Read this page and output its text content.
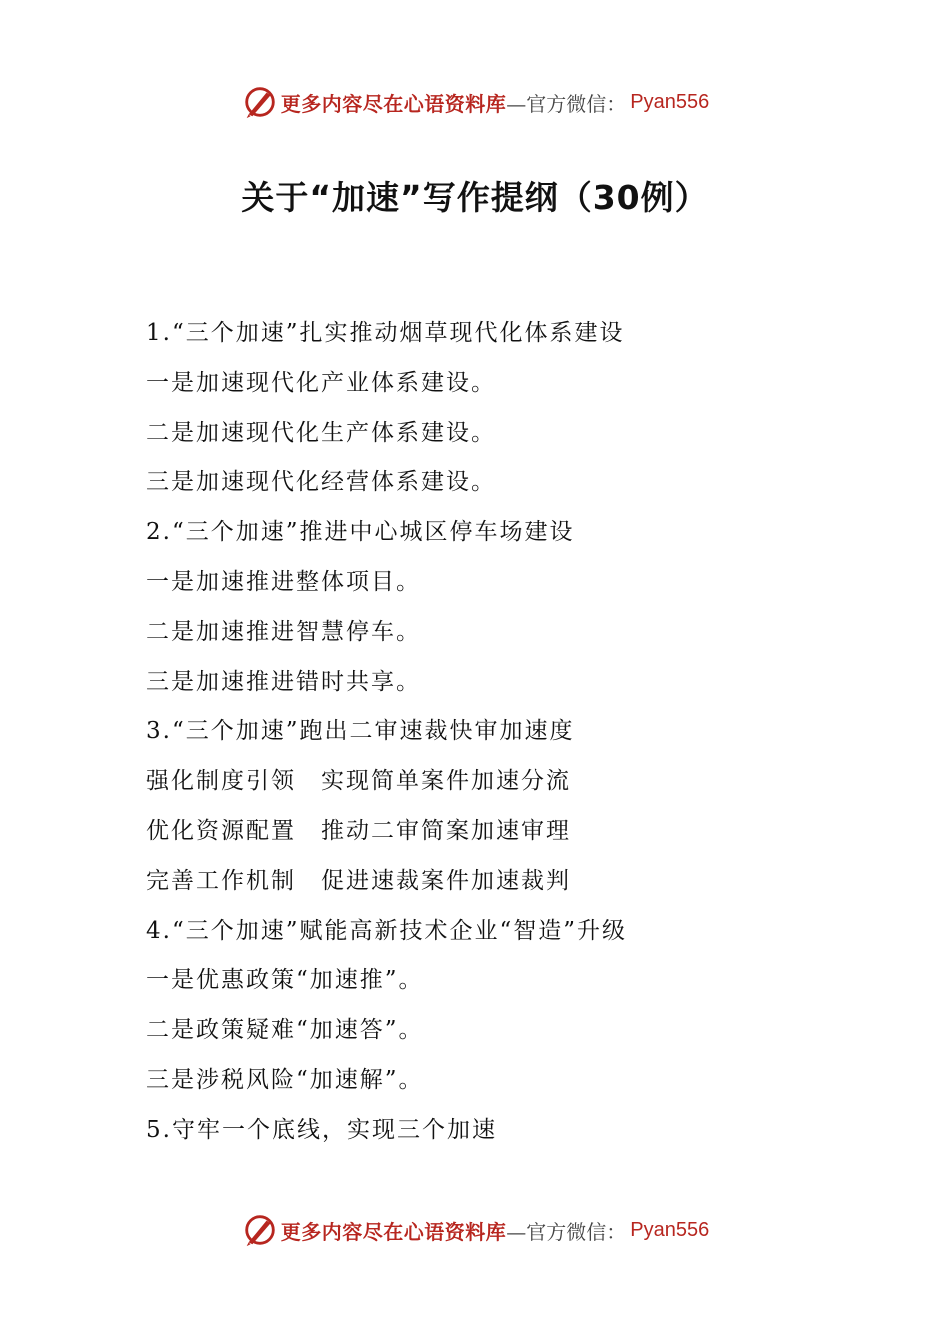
更多内容尽在心语资料库 —官方微信： Pyan556
关于“加速”写作提纲（30例）
1.“三个加速”扎实推动烟草现代化体系建设
一是加速现代化产业体系建设。
二是加速现代化生产体系建设。
三是加速现代化经营体系建设。
2.“三个加速”推进中心城区停车场建设
一是加速推进整体项目。
二是加速推进智慧停车。
三是加速推进错时共享。
3.“三个加速”跑出二审速裁快审加速度
强化制度引领　实现简单案件加速分流
优化资源配置　推动二审简案加速审理
完善工作机制　促进速裁案件加速裁判
4.“三个加速”赋能高新技术企业“智造”升级
一是优惠政策“加速推”。
二是政策疑难“加速答”。
三是涉税风险“加速解”。
5.守牢一个底线，实现三个加速
更多内容尽在心语资料库 —官方微信： Pyan556
